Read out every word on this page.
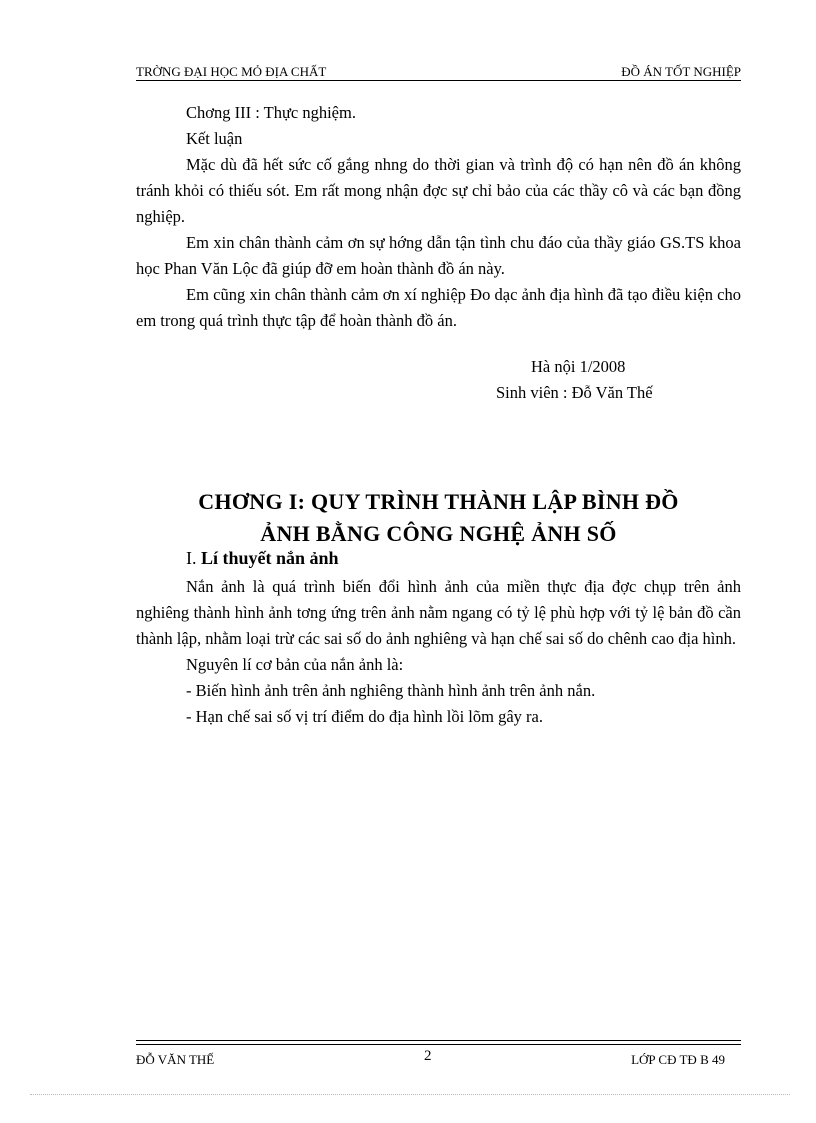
TRỜNG ĐẠI HỌC MỎ ĐỊA CHẤT	ĐỒ ÁN TỐT NGHIỆP

Chơng III : Thực nghiệm.

Kết luận

Mặc dù đã hết sức cố gắng nhng do thời gian và trình độ có hạn nên đồ án không tránh khỏi có thiếu sót. Em rất mong nhận đợc sự chỉ bảo của các thầy cô và các bạn đồng nghiệp.

Em xin chân thành cảm ơn sự hớng dẫn tận tình chu đáo của thầy giáo GS.TS khoa học Phan Văn Lộc đã giúp đỡ em hoàn thành đồ án này.

Em cũng xin chân thành cảm ơn xí nghiệp Đo dạc ảnh địa hình đã tạo điều kiện cho em trong quá trình thực tập để hoàn thành đồ án.

Hà nội 1/2008
Sinh viên : Đỗ Văn Thế
CHƠNG I: QUY TRÌNH THÀNH LẬP BÌNH ĐỒ
ẢNH BẰNG CÔNG NGHỆ ẢNH SỐ
I. Lí thuyết nắn ảnh

Nắn ảnh là quá trình biến đổi hình ảnh của miền thực địa đợc chụp trên ảnh nghiêng thành hình ảnh tơng ứng trên ảnh nằm ngang có tỷ lệ phù hợp với tỷ lệ bản đồ cần thành lập, nhằm loại trừ các sai số do ảnh nghiêng và hạn chế sai số do chênh cao địa hình.

Nguyên lí cơ bản của nắn ảnh là:

- Biến hình ảnh trên ảnh nghiêng thành hình ảnh trên ảnh nắn.

- Hạn chế sai số vị trí điểm do địa hình lồi lõm gây ra.

ĐỖ VĂN THẾ	2	LỚP CĐ TĐ B 49
